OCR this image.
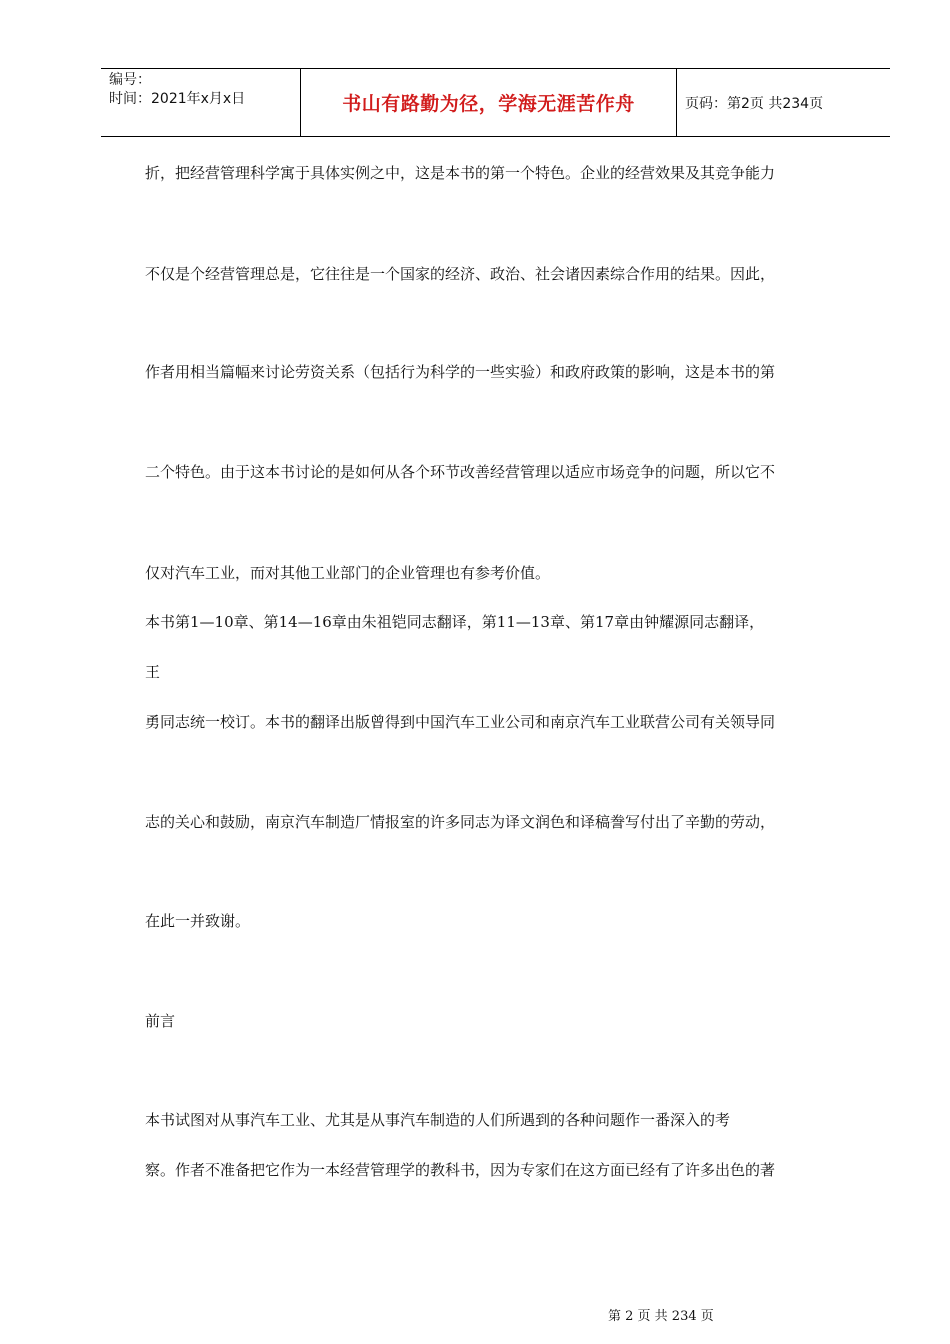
编号：
时间：2021年x月x日	书山有路勤为径，学海无涯苦作舟	页码：第2页 共234页
折，把经营管理科学寓于具体实例之中，这是本书的第一个特色。企业的经营效果及其竞争能力
不仅是个经营管理总是，它往往是一个国家的经济、政治、社会诸因素综合作用的结果。因此，
作者用相当篇幅来讨论劳资关系（包括行为科学的一些实验）和政府政策的影响，这是本书的第
二个特色。由于这本书讨论的是如何从各个环节改善经营管理以适应市场竞争的问题，所以它不
仅对汽车工业，而对其他工业部门的企业管理也有参考价值。
本书第1—10章、第14—16章由朱祖铠同志翻译，第11—13章、第17章由钟耀源同志翻译，
王
勇同志统一校订。本书的翻译出版曾得到中国汽车工业公司和南京汽车工业联营公司有关领导同
志的关心和鼓励，南京汽车制造厂情报室的许多同志为译文润色和译稿誊写付出了辛勤的劳动，
在此一并致谢。
前言
本书试图对从事汽车工业、尤其是从事汽车制造的人们所遇到的各种问题作一番深入的考
察。作者不准备把它作为一本经营管理学的教科书，因为专家们在这方面已经有了许多出色的著
第 2 页 共 234 页
